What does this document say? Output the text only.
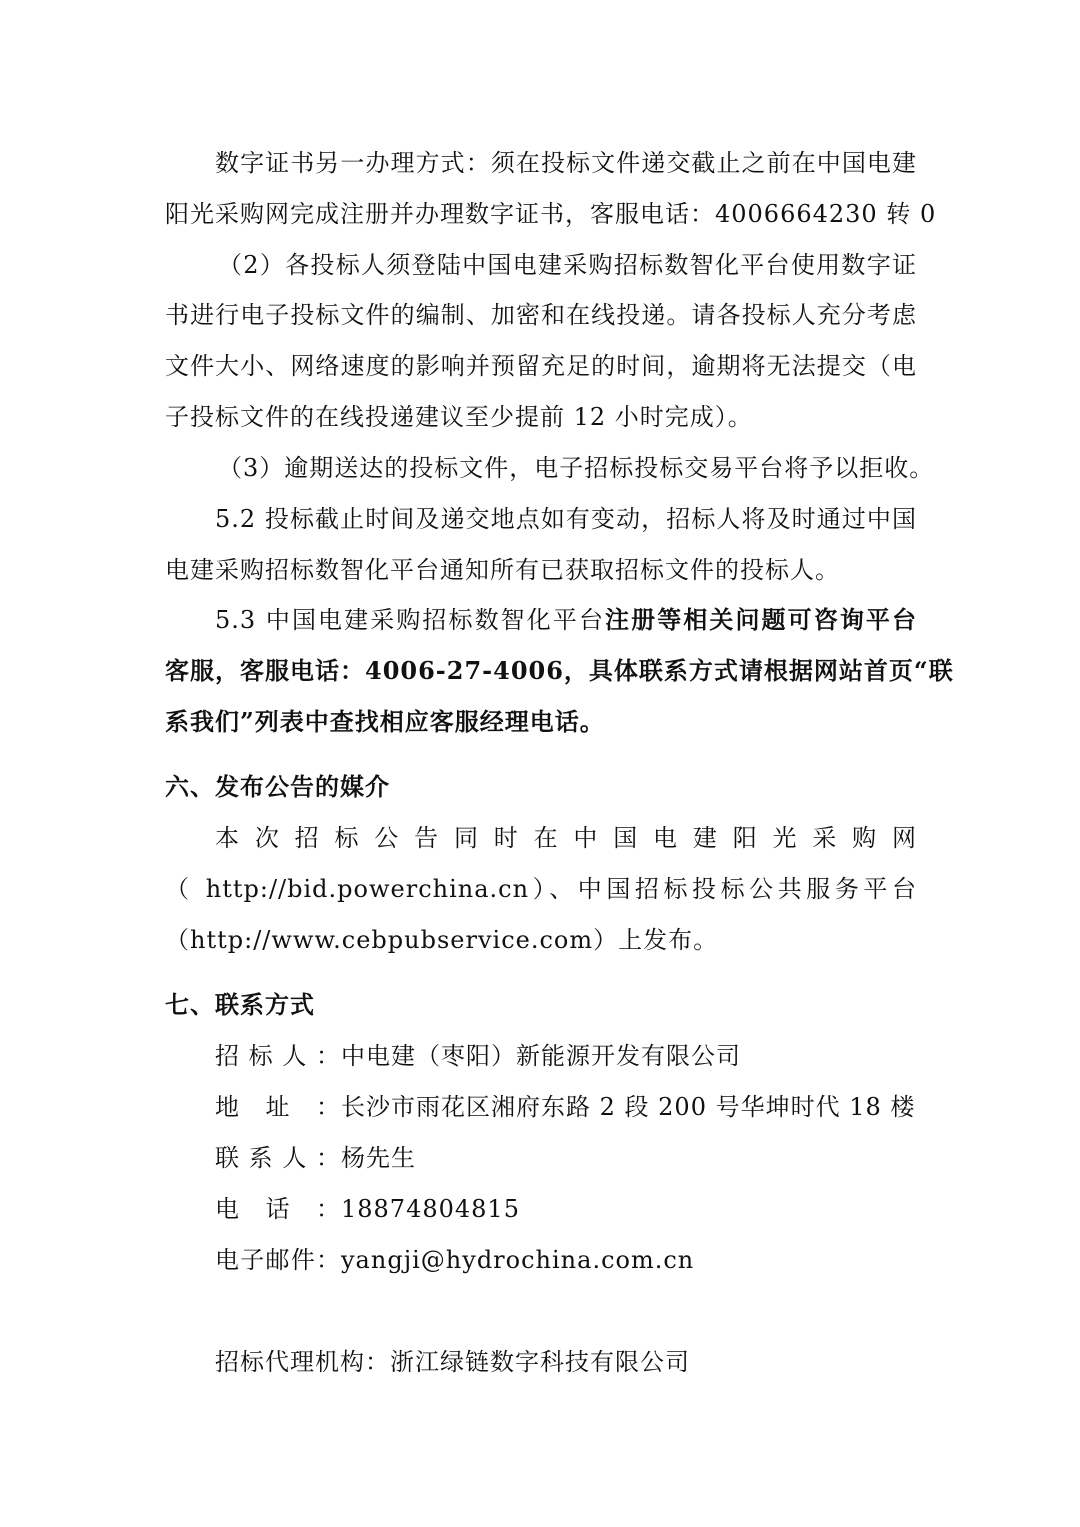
数字证书另一办理方式：须在投标文件递交截止之前在中国电建
阳光采购网完成注册并办理数字证书，客服电话：4006664230 转 0
（2）各投标人须登陆中国电建采购招标数智化平台使用数字证
书进行电子投标文件的编制、加密和在线投递。请各投标人充分考虑
文件大小、网络速度的影响并预留充足的时间，逾期将无法提交（电
子投标文件的在线投递建议至少提前 12 小时完成）。
（3）逾期送达的投标文件，电子招标投标交易平台将予以拒收。
5.2 投标截止时间及递交地点如有变动，招标人将及时通过中国
电建采购招标数智化平台通知所有已获取招标文件的投标人。
5.3 中国电建采购招标数智化平台注册等相关问题可咨询平台
客服，客服电话：4006-27-4006，具体联系方式请根据网站首页“联
系我们”列表中查找相应客服经理电话。
六、发布公告的媒介
本次招标公告同时在中国电建阳光采购网
（ http://bid.powerchina.cn）、中国招标投标公共服务平台
（http://www.cebpubservice.com）上发布。
七、联系方式
招标人：中电建（枣阳）新能源开发有限公司
地址：长沙市雨花区湘府东路 2 段 200 号华坤时代 18 楼
联系人：杨先生
电话：18874804815
电子邮件：yangji@hydrochina.com.cn
招标代理机构：浙江绿链数字科技有限公司
